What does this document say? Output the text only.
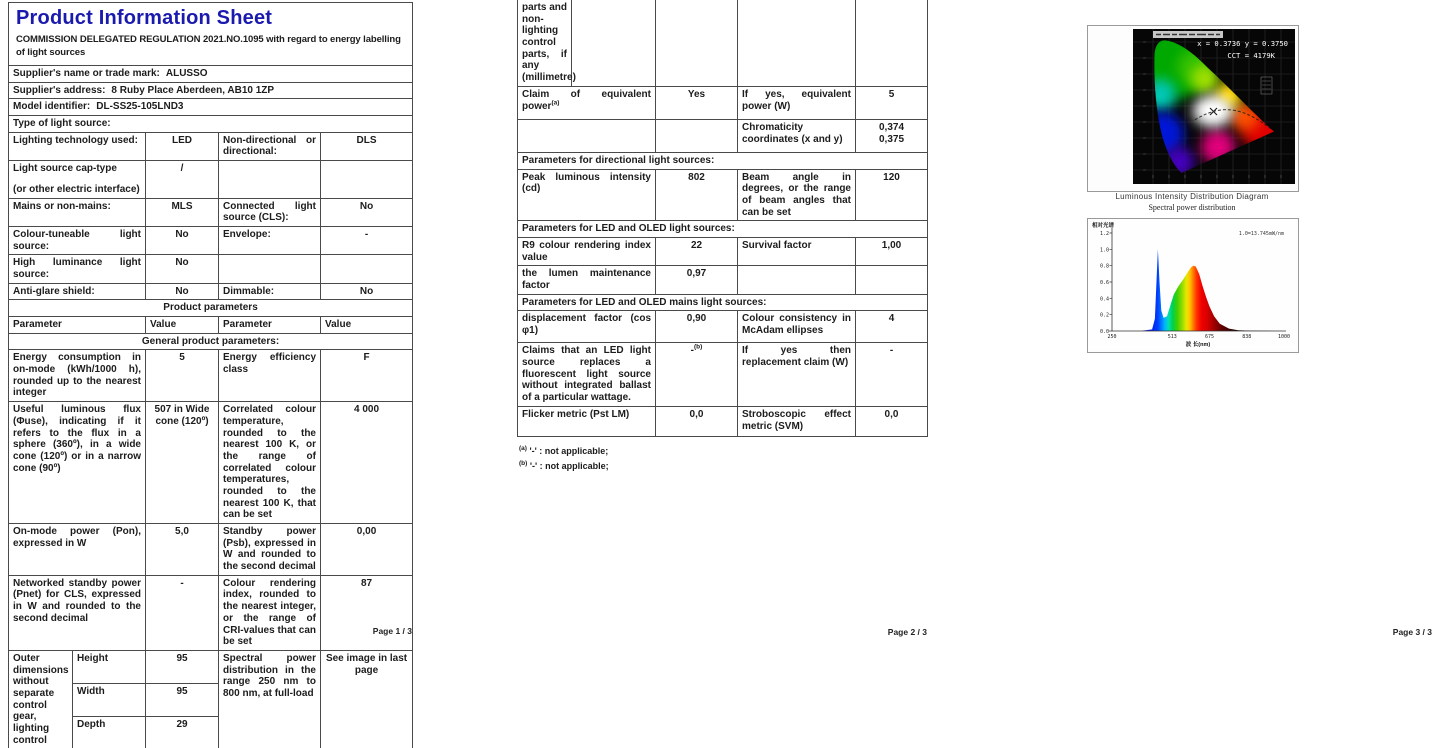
Product Information Sheet

COMMISSION DELEGATED REGULATION 2021.NO.1095 with regard to energy labelling of light sources

Supplier's name or trade mark: ALUSSO				
Supplier's address: 8 Ruby Place Aberdeen, AB10 1ZP				
Model identifier: DL-SS25-105LND3				
Type of light source:				
Lighting technology used:		LED	Non-directional or directional:	DLS

Light source cap-type
(or other electric interface)		/		
Mains or non-mains:		MLS	Connected light source (CLS):	No
Colour-tuneable light source:		No	Envelope:	-
High luminance light source:		No		
Anti-glare shield:		No	Dimmable:	No
Product parameters				
Parameter		Value	Parameter	Value
General product parameters:				
Energy consumption in on-mode (kWh/1000 h), rounded up to the nearest integer		5	Energy efficiency class	F
Useful luminous flux (Φuse), indicating if it refers to the flux in a sphere (360º), in a wide cone (120º) or in a narrow cone (90º)		507 in Wide cone (120º)	Correlated colour temperature, rounded to the nearest 100 K, or the range of correlated colour temperatures, rounded to the nearest 100 K, that can be set	4 000
On-mode power (Pon), expressed in W		5,0	Standby power (Psb), expressed in W and rounded to the second decimal	0,00
Networked standby power (Pnet) for CLS, expressed in W and rounded to the second decimal		-	Colour rendering index, rounded to the nearest integer, or the range of CRI-values that can be set	87
Outer dimensions without separate control gear, lighting control	Height	95	Spectral power distribution in the range 250 nm to 800 nm, at full-load	See image in last page
	Width	95		
	Depth	29		
Page 1 / 3
parts and non-lighting control parts, if any (millimetre)				
Claim of equivalent power$^{(a)}$		Yes	If yes, equivalent power (W)	5
			Chromaticity coordinates (x and y)	0,374
0,375

Parameters for directional light sources:				
Peak luminous intensity (cd)		802	Beam angle in degrees, or the range of beam angles that can be set	120
Parameters for LED and OLED light sources:				
R9 colour rendering index value		22	Survival factor	1,00
the lumen maintenance factor		0,97		
Parameters for LED and OLED mains light sources:				
displacement factor (cos φ1)		0,90	Colour consistency in McAdam ellipses	4
Claims that an LED light source replaces a fluorescent light source without integrated ballast of a particular wattage.		-$^{(b)}$	If yes then replacement claim (W)	-
Flicker metric (Pst LM)		0,0	Stroboscopic effect metric (SVM)	0,0
$^{(a)}$ '-' : not applicable;
$^{(b)}$ '-' : not applicable;
Page 2 / 3
x = 0.3736 y = 0.3750
CCT = 4179K
Luminous Intensity Distribution Diagram
Spectral power distribution
1.2
1.0
0.8
0.6
0.4
0.2
0.0
250	513	675	838	1000
相对光谱
1.0=13.745mW/nm
波 长(nm)
Page 3 / 3
